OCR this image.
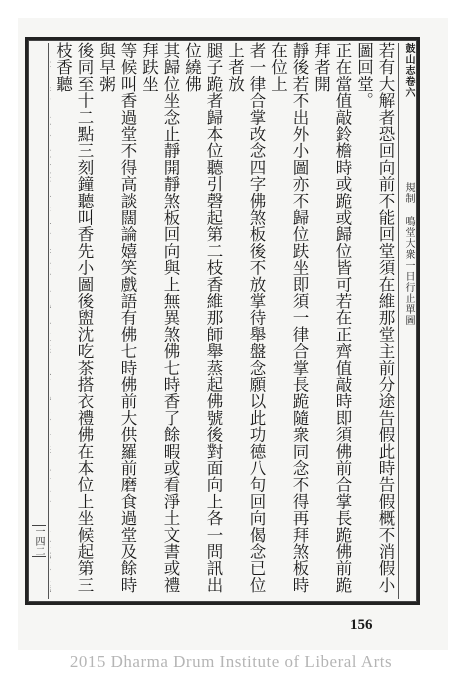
鼓山志卷六  規制 鳴堂大衆一日行止單圖

若有大解者恐回向前不能回堂須在維那堂主前分途告假此時告假概不消假小圖回堂。

正在當值敲鈴檐時或跪或歸位皆可若在正齊值敲時即須佛前合掌長跪佛前跪拜者開

靜後若不出外小圖亦不歸位趺坐即須一律合掌長跪隨衆同念不得再拜煞板時在位上

者一律合掌改念四字佛煞板後不放掌待舉盤念願以此功德八句回向偈念已位上者放

腿子跪者歸本位聽引磬起第二枝香維那師舉蒸起佛號後對面向上各一問訊出位繞佛

其歸位坐念止靜開靜煞板回向與上無異煞佛七時香了餘暇或看淨土文書或禮拜趺坐

等候叫香過堂不得高談闊論嬉笑戲語有佛七時佛前大供羅前磨食過堂及餘時與早粥

後同至十二點三刻鐘聽叫香先小圖後盥沈吃茶搭衣禮佛在本位上坐候起第三枝香聽

一四二
156
2015 Dharma Drum Institute of Liberal Arts
